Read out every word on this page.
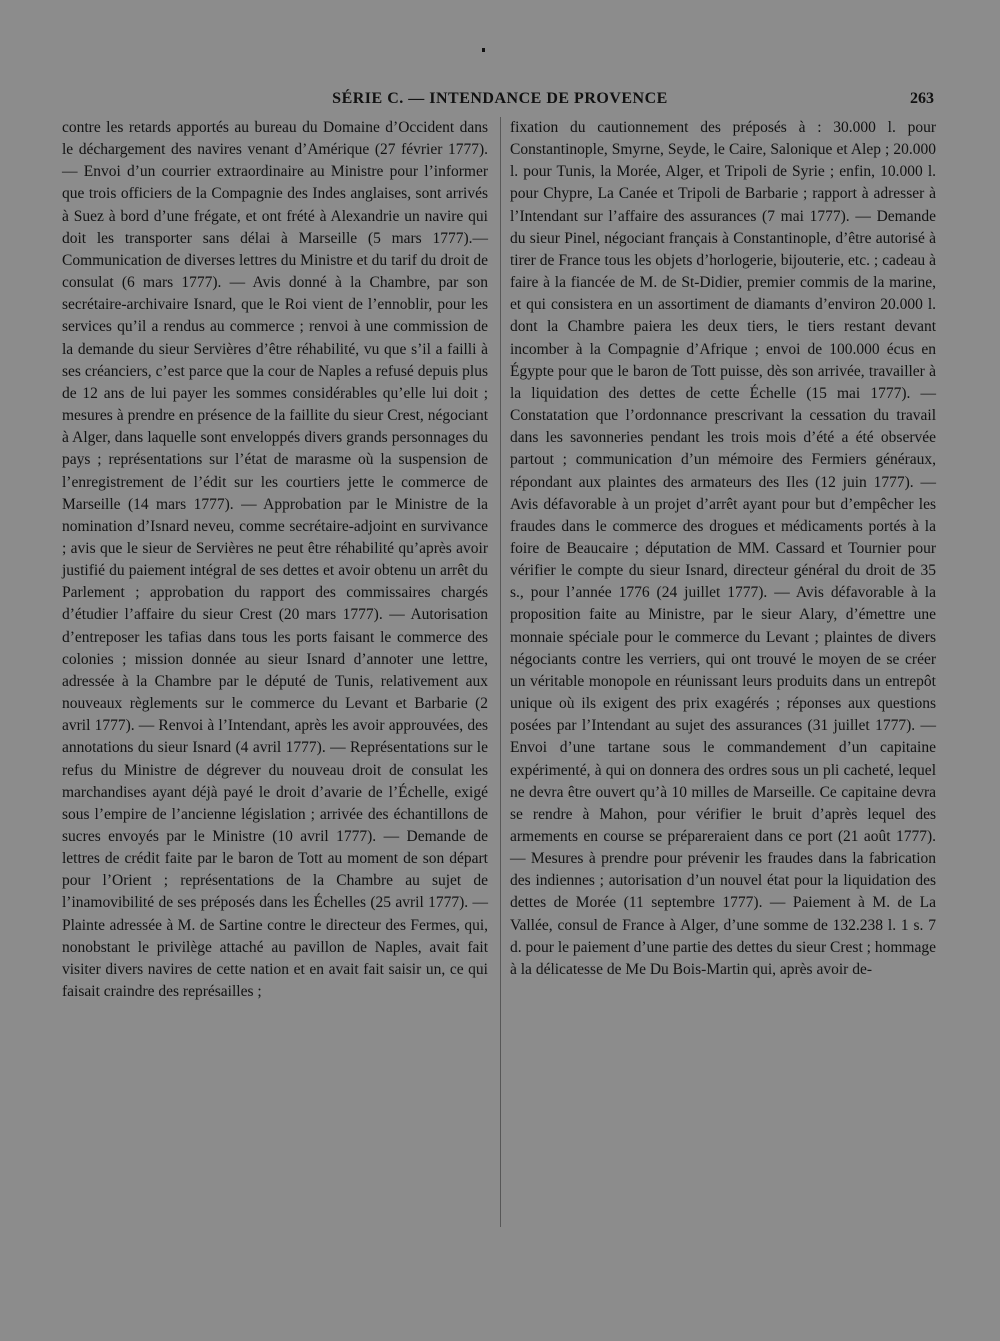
SÉRIE C. — INTENDANCE DE PROVENCE	263
contre les retards apportés au bureau du Domaine d’Occident dans le déchargement des navires venant d’Amérique (27 février 1777). — Envoi d’un courrier extraordinaire au Ministre pour l’informer que trois officiers de la Compagnie des Indes anglaises, sont arrivés à Suez à bord d’une frégate, et ont frété à Alexandrie un navire qui doit les transporter sans délai à Marseille (5 mars 1777).— Communication de diverses lettres du Ministre et du tarif du droit de consulat (6 mars 1777). — Avis donné à la Chambre, par son secrétaire-archivaire Isnard, que le Roi vient de l’ennoblir, pour les services qu’il a rendus au commerce ; renvoi à une commission de la demande du sieur Servières d’être réhabilité, vu que s’il a failli à ses créanciers, c’est parce que la cour de Naples a refusé depuis plus de 12 ans de lui payer les sommes considérables qu’elle lui doit ; mesures à prendre en présence de la faillite du sieur Crest, négociant à Alger, dans laquelle sont enveloppés divers grands personnages du pays ; représentations sur l’état de marasme où la suspension de l’enregistrement de l’édit sur les courtiers jette le commerce de Marseille (14 mars 1777). — Approbation par le Ministre de la nomination d’Isnard neveu, comme secrétaire-adjoint en survivance ; avis que le sieur de Servières ne peut être réhabilité qu’après avoir justifié du paiement intégral de ses dettes et avoir obtenu un arrêt du Parlement ; approbation du rapport des commissaires chargés d’étudier l’affaire du sieur Crest (20 mars 1777). — Autorisation d’entreposer les tafias dans tous les ports faisant le commerce des colonies ; mission donnée au sieur Isnard d’annoter une lettre, adressée à la Chambre par le député de Tunis, relativement aux nouveaux règlements sur le commerce du Levant et Barbarie (2 avril 1777). — Renvoi à l’Intendant, après les avoir approuvées, des annotations du sieur Isnard (4 avril 1777). — Représentations sur le refus du Ministre de dégrever du nouveau droit de consulat les marchandises ayant déjà payé le droit d’avarie de l’Échelle, exigé sous l’empire de l’ancienne législation ; arrivée des échantillons de sucres envoyés par le Ministre (10 avril 1777). — Demande de lettres de crédit faite par le baron de Tott au moment de son départ pour l’Orient ; représentations de la Chambre au sujet de l’inamovibilité de ses préposés dans les Échelles (25 avril 1777). — Plainte adressée à M. de Sartine contre le directeur des Fermes, qui, nonobstant le privilège attaché au pavillon de Naples, avait fait visiter divers navires de cette nation et en avait fait saisir un, ce qui faisait craindre des représailles ;
fixation du cautionnement des préposés à : 30.000 l. pour Constantinople, Smyrne, Seyde, le Caire, Salonique et Alep ; 20.000 l. pour Tunis, la Morée, Alger, et Tripoli de Syrie ; enfin, 10.000 l. pour Chypre, La Canée et Tripoli de Barbarie ; rapport à adresser à l’Intendant sur l’affaire des assurances (7 mai 1777). — Demande du sieur Pinel, négociant français à Constantinople, d’être autorisé à tirer de France tous les objets d’horlogerie, bijouterie, etc. ; cadeau à faire à la fiancée de M. de St-Didier, premier commis de la marine, et qui consistera en un assortiment de diamants d’environ 20.000 l. dont la Chambre paiera les deux tiers, le tiers restant devant incomber à la Compagnie d’Afrique ; envoi de 100.000 écus en Égypte pour que le baron de Tott puisse, dès son arrivée, travailler à la liquidation des dettes de cette Échelle (15 mai 1777). — Constatation que l’ordonnance prescrivant la cessation du travail dans les savonneries pendant les trois mois d’été a été observée partout ; communication d’un mémoire des Fermiers généraux, répondant aux plaintes des armateurs des Iles (12 juin 1777). — Avis défavorable à un projet d’arrêt ayant pour but d’empêcher les fraudes dans le commerce des drogues et médicaments portés à la foire de Beaucaire ; députation de MM. Cassard et Tournier pour vérifier le compte du sieur Isnard, directeur général du droit de 35 s., pour l’année 1776 (24 juillet 1777). — Avis défavorable à la proposition faite au Ministre, par le sieur Alary, d’émettre une monnaie spéciale pour le commerce du Levant ; plaintes de divers négociants contre les verriers, qui ont trouvé le moyen de se créer un véritable monopole en réunissant leurs produits dans un entrepôt unique où ils exigent des prix exagérés ; réponses aux questions posées par l’Intendant au sujet des assurances (31 juillet 1777). — Envoi d’une tartane sous le commandement d’un capitaine expérimenté, à qui on donnera des ordres sous un pli cacheté, lequel ne devra être ouvert qu’à 10 milles de Marseille. Ce capitaine devra se rendre à Mahon, pour vérifier le bruit d’après lequel des armements en course se prépareraient dans ce port (21 août 1777). — Mesures à prendre pour prévenir les fraudes dans la fabrication des indiennes ; autorisation d’un nouvel état pour la liquidation des dettes de Morée (11 septembre 1777). — Paiement à M. de La Vallée, consul de France à Alger, d’une somme de 132.238 l. 1 s. 7 d. pour le paiement d’une partie des dettes du sieur Crest ; hommage à la délicatesse de Me Du Bois-Martin qui, après avoir de-
